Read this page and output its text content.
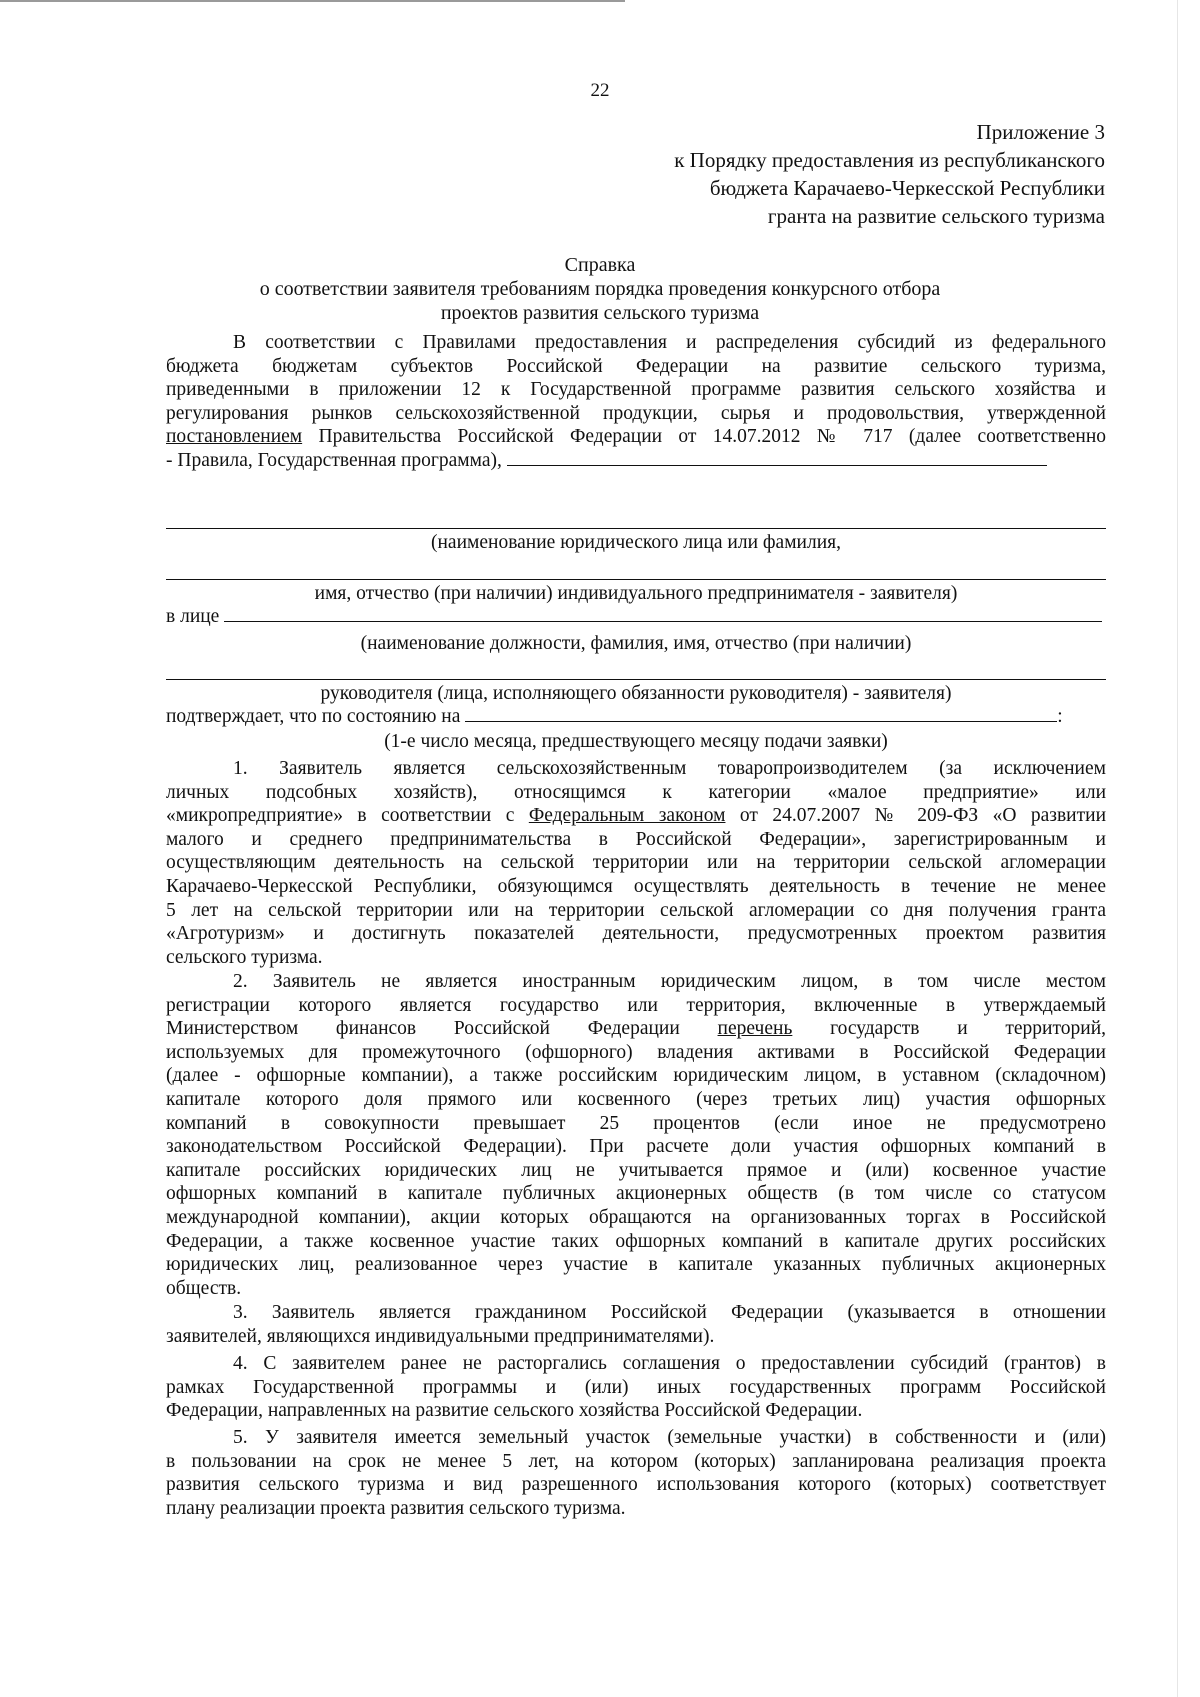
22
Приложение 3
к Порядку предоставления из республиканского
бюджета Карачаево-Черкесской Республики
гранта на развитие сельского туризма
Справка
о соответствии заявителя требованиям порядка проведения конкурсного отбора
проектов развития сельского туризма
В соответствии с Правилами предоставления и распределения субсидий из федерального
бюджета бюджетам субъектов Российской Федерации на развитие сельского туризма,
приведенными в приложении 12 к Государственной программе развития сельского хозяйства и
регулирования рынков сельскохозяйственной продукции, сырья и продовольствия, утвержденной
постановлением Правительства Российской Федерации от 14.07.2012 № 717 (далее соответственно
- Правила, Государственная программа),
(наименование юридического лица или фамилия,
имя, отчество (при наличии) индивидуального предпринимателя - заявителя)
в лице
(наименование должности, фамилия, имя, отчество (при наличии)
руководителя (лица, исполняющего обязанности руководителя) - заявителя)
подтверждает, что по состоянию на	:
(1-е число месяца, предшествующего месяцу подачи заявки)
1. Заявитель является сельскохозяйственным товаропроизводителем (за исключением
личных подсобных хозяйств), относящимся к категории «малое предприятие» или
«микропредприятие» в соответствии с Федеральным законом от 24.07.2007 № 209-ФЗ «О развитии
малого и среднего предпринимательства в Российской Федерации», зарегистрированным и
осуществляющим деятельность на сельской территории или на территории сельской агломерации
Карачаево-Черкесской Республики, обязующимся осуществлять деятельность в течение не менее
5 лет на сельской территории или на территории сельской агломерации со дня получения гранта
«Агротуризм» и достигнуть показателей деятельности, предусмотренных проектом развития
сельского туризма.
2. Заявитель не является иностранным юридическим лицом, в том числе местом
регистрации которого является государство или территория, включенные в утверждаемый
Министерством финансов Российской Федерации перечень государств и территорий,
используемых для промежуточного (офшорного) владения активами в Российской Федерации
(далее - офшорные компании), а также российским юридическим лицом, в уставном (складочном)
капитале которого доля прямого или косвенного (через третьих лиц) участия офшорных
компаний в совокупности превышает 25 процентов (если иное не предусмотрено
законодательством Российской Федерации). При расчете доли участия офшорных компаний в
капитале российских юридических лиц не учитывается прямое и (или) косвенное участие
офшорных компаний в капитале публичных акционерных обществ (в том числе со статусом
международной компании), акции которых обращаются на организованных торгах в Российской
Федерации, а также косвенное участие таких офшорных компаний в капитале других российских
юридических лиц, реализованное через участие в капитале указанных публичных акционерных
обществ.
3. Заявитель является гражданином Российской Федерации (указывается в отношении
заявителей, являющихся индивидуальными предпринимателями).
4. С заявителем ранее не расторгались соглашения о предоставлении субсидий (грантов) в
рамках Государственной программы и (или) иных государственных программ Российской
Федерации, направленных на развитие сельского хозяйства Российской Федерации.
5. У заявителя имеется земельный участок (земельные участки) в собственности и (или)
в пользовании на срок не менее 5 лет, на котором (которых) запланирована реализация проекта
развития сельского туризма и вид разрешенного использования которого (которых) соответствует
плану реализации проекта развития сельского туризма.
